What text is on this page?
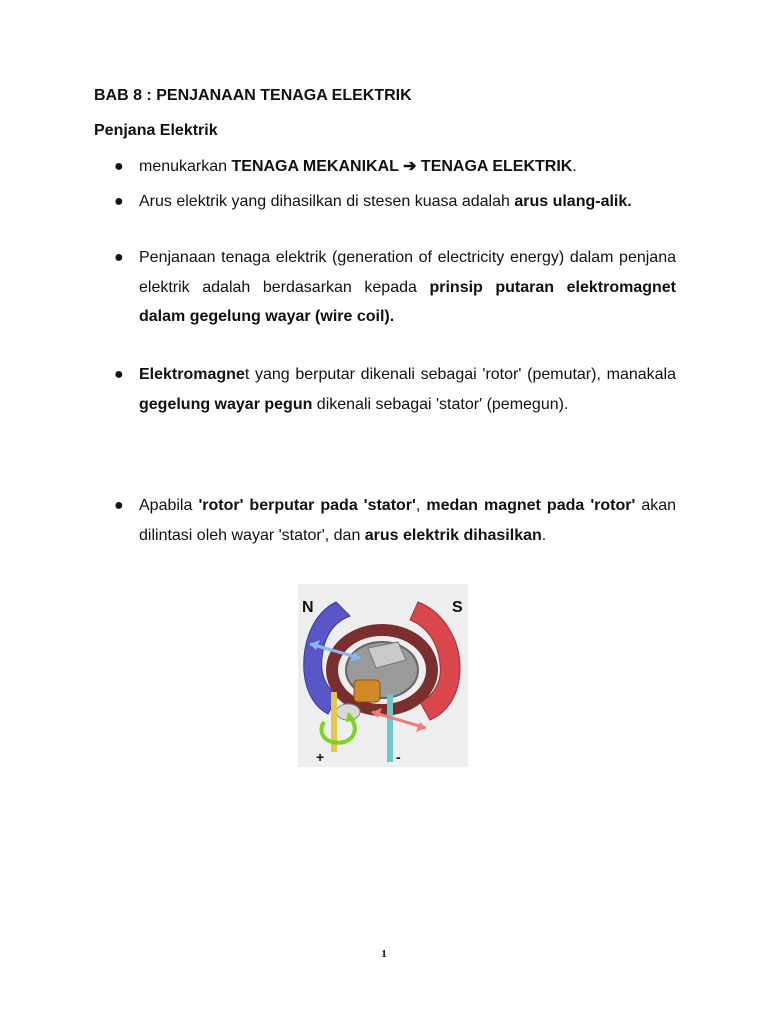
BAB 8 : PENJANAAN TENAGA ELEKTRIK

Penjana Elektrik

● menukarkan TENAGA MEKANIKAL ➔ TENAGA ELEKTRIK.
● Arus elektrik yang dihasilkan di stesen kuasa adalah arus ulang-alik.
● Penjanaan tenaga elektrik (generation of electricity energy) dalam penjana elektrik adalah berdasarkan kepada prinsip putaran elektromagnet dalam gegelung wayar (wire coil).
● Elektromagnet yang berputar dikenali sebagai 'rotor' (pemutar), manakala gegelung wayar pegun dikenali sebagai 'stator' (pemegun).
● Apabila 'rotor' berputar pada 'stator', medan magnet pada 'rotor' akan dilintasi oleh wayar 'stator', dan arus elektrik dihasilkan.
N	S
+	-
1
